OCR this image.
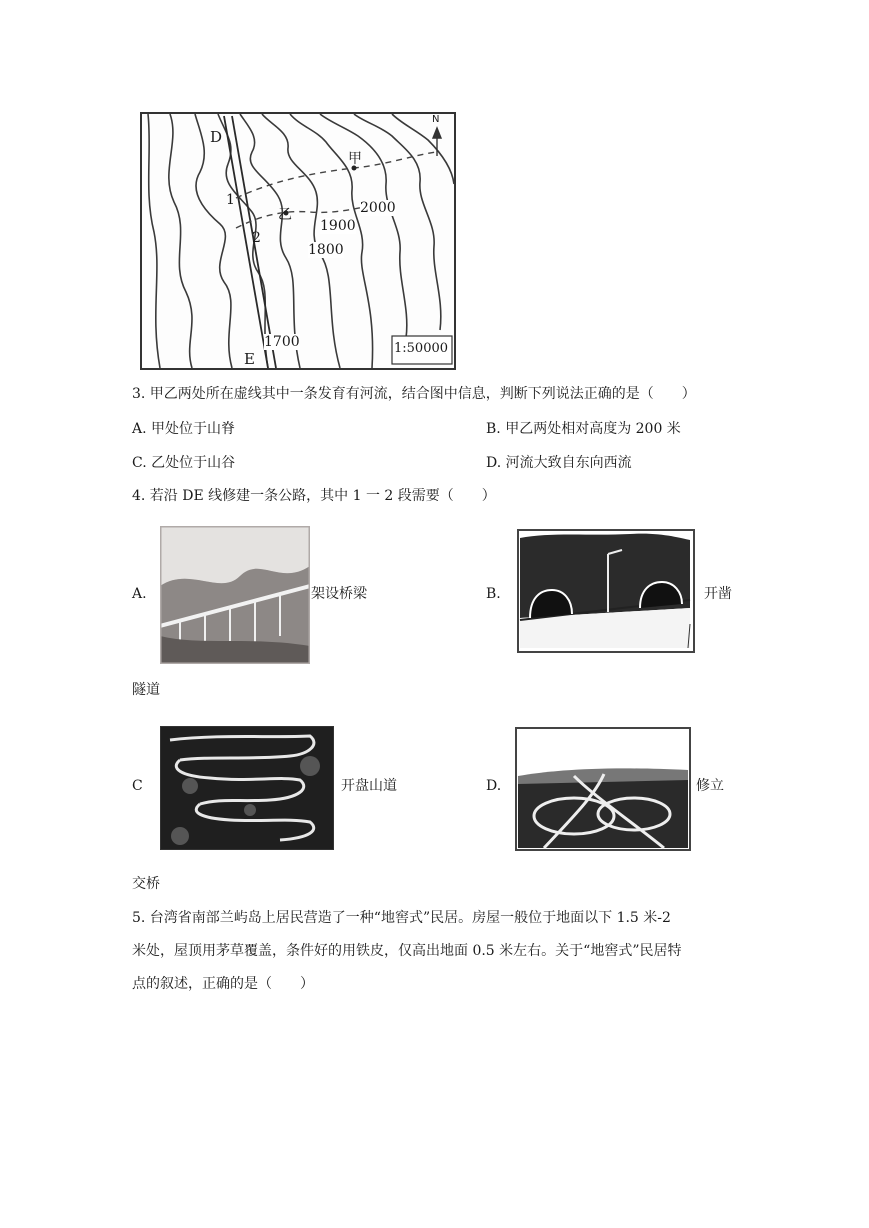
N
D
E
甲
乙
1
2
2000
1900
1800
1700	1:50000
3. 甲乙两处所在虚线其中一条发育有河流，结合图中信息，判断下列说法正确的是（　　）
A. 甲处位于山脊	B. 甲乙两处相对高度为 200 米
C. 乙处位于山谷	D. 河流大致自东向西流
4. 若沿 DE 线修建一条公路，其中 1 一 2 段需要（　　）
A.	架设桥梁	B.	开凿
隧道
C	开盘山道	D.	修立
交桥
5. 台湾省南部兰屿岛上居民营造了一种“地窖式”民居。房屋一般位于地面以下 1.5 米-2
米处，屋顶用茅草覆盖，条件好的用铁皮，仅高出地面 0.5 米左右。关于“地窖式”民居特
点的叙述，正确的是（　　）
